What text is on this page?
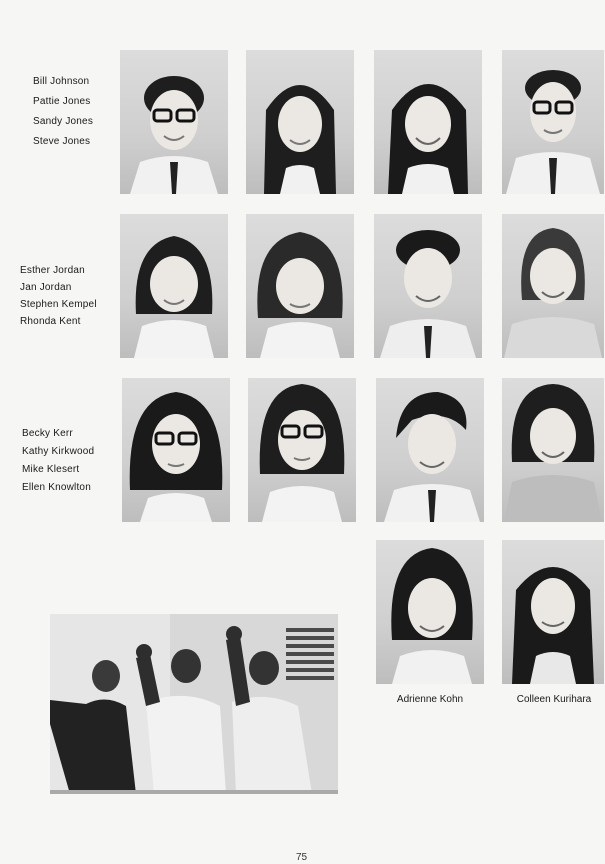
Bill Johnson
Pattie Jones
Sandy Jones
Steve Jones
Esther Jordan
Jan Jordan
Stephen Kempel
Rhonda Kent
Becky Kerr
Kathy Kirkwood
Mike Klesert
Ellen Knowlton
Adrienne Kohn	Colleen Kurihara
75
